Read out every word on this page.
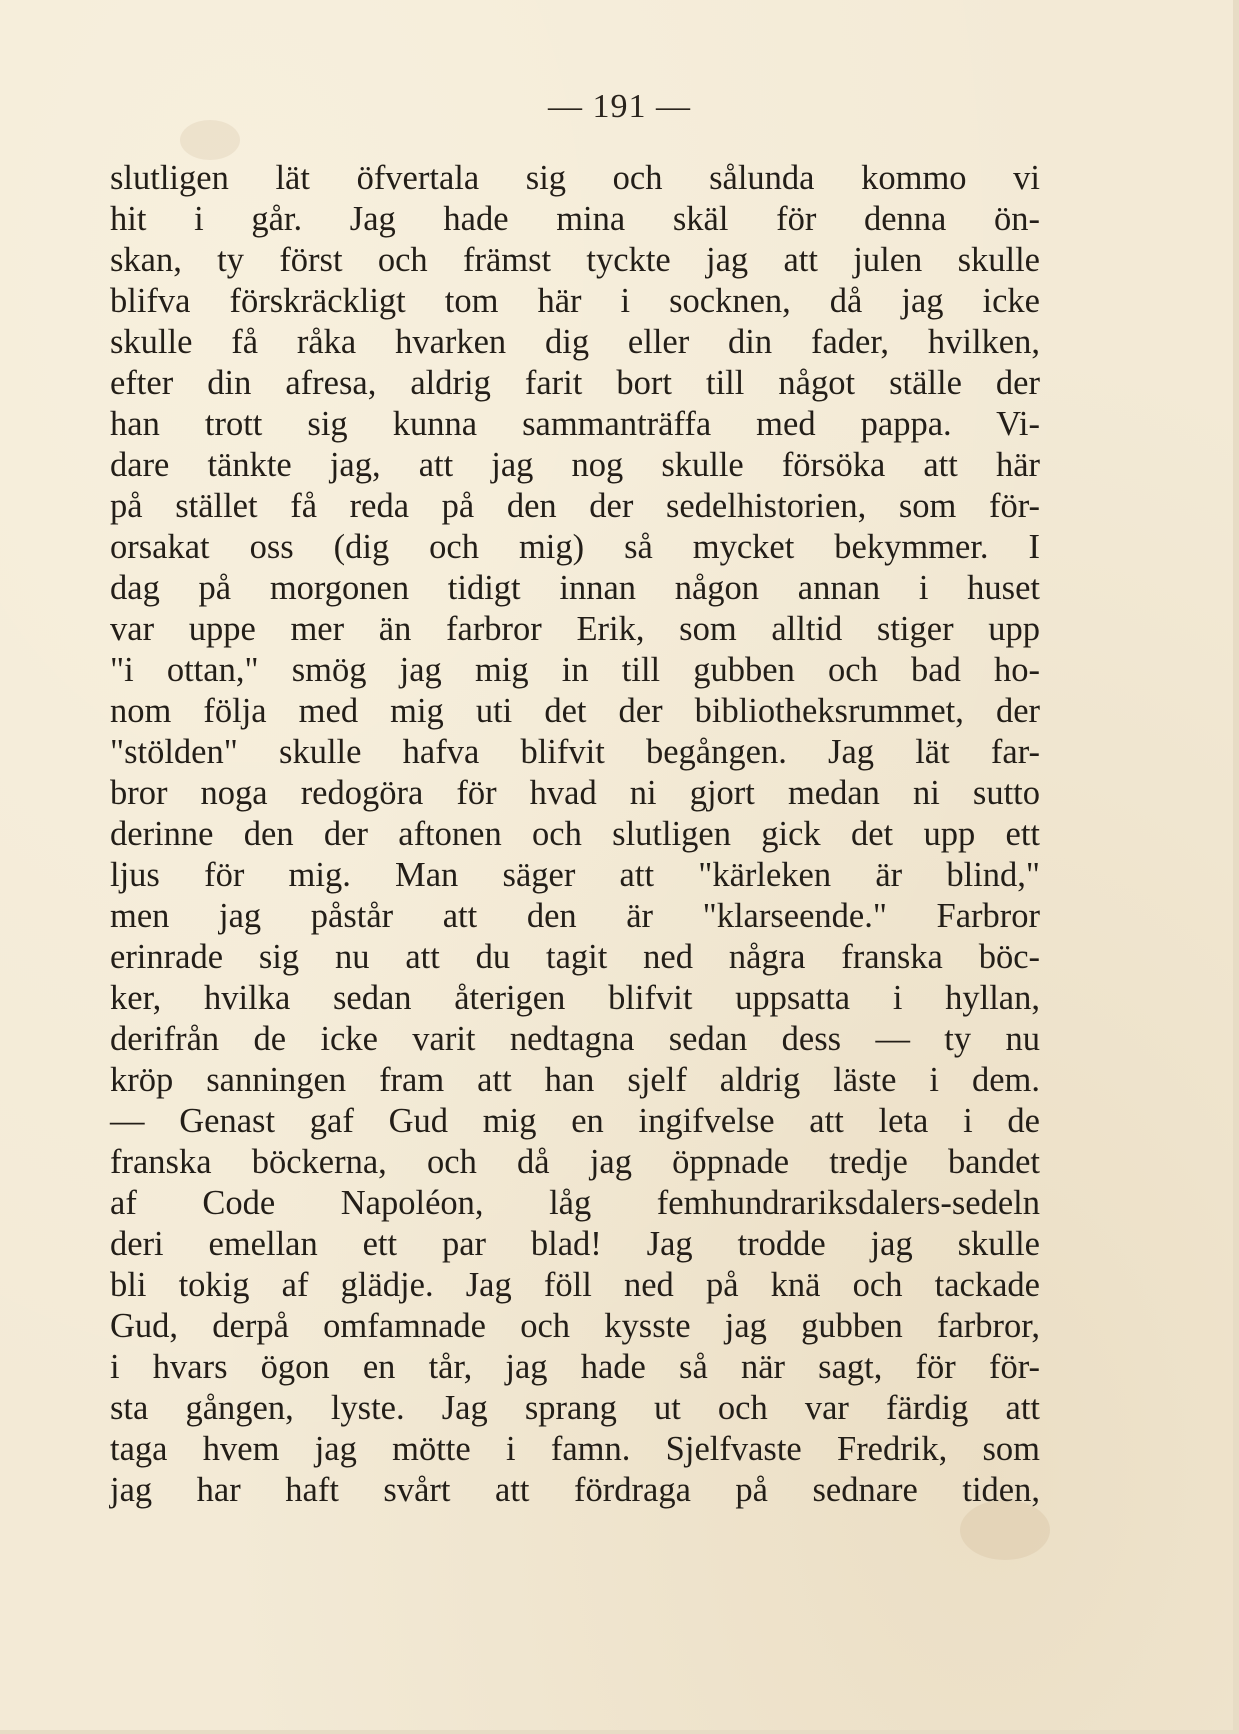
— 191 —
slutligen lät öfvertala sig och sålunda kommo vi
hit i går. Jag hade mina skäl för denna ön-
skan, ty först och främst tyckte jag att julen skulle
blifva förskräckligt tom här i socknen, då jag icke
skulle få råka hvarken dig eller din fader, hvilken,
efter din afresa, aldrig farit bort till något ställe der
han trott sig kunna sammanträffa med pappa. Vi-
dare tänkte jag, att jag nog skulle försöka att här
på stället få reda på den der sedelhistorien, som för-
orsakat oss (dig och mig) så mycket bekymmer. I
dag på morgonen tidigt innan någon annan i huset
var uppe mer än farbror Erik, som alltid stiger upp
"i ottan," smög jag mig in till gubben och bad ho-
nom följa med mig uti det der bibliotheksrummet, der
"stölden" skulle hafva blifvit begången. Jag lät far-
bror noga redogöra för hvad ni gjort medan ni sutto
derinne den der aftonen och slutligen gick det upp ett
ljus för mig. Man säger att "kärleken är blind,"
men jag påstår att den är "klarseende." Farbror
erinrade sig nu att du tagit ned några franska böc-
ker, hvilka sedan återigen blifvit uppsatta i hyllan,
derifrån de icke varit nedtagna sedan dess — ty nu
kröp sanningen fram att han sjelf aldrig läste i dem.
— Genast gaf Gud mig en ingifvelse att leta i de
franska böckerna, och då jag öppnade tredje bandet
af Code Napoléon, låg femhundrariksdalers-sedeln
deri emellan ett par blad! Jag trodde jag skulle
bli tokig af glädje. Jag föll ned på knä och tackade
Gud, derpå omfamnade och kysste jag gubben farbror,
i hvars ögon en tår, jag hade så när sagt, för för-
sta gången, lyste. Jag sprang ut och var färdig att
taga hvem jag mötte i famn. Sjelfvaste Fredrik, som
jag har haft svårt att fördraga på sednare tiden,
